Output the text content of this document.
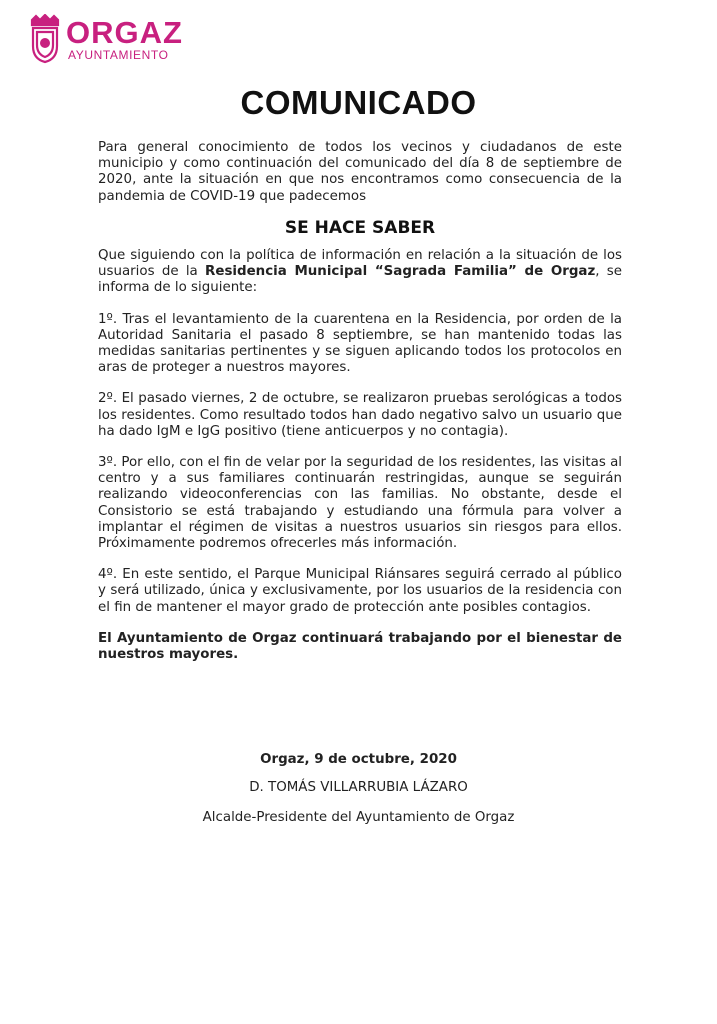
ORGAZ
AYUNTAMIENTO
COMUNICADO

Para general conocimiento de todos los vecinos y ciudadanos de este municipio y como continuación del comunicado del día 8 de septiembre de 2020, ante la situación en que nos encontramos como consecuencia de la pandemia de COVID-19 que padecemos

SE HACE SABER

Que siguiendo con la política de información en relación a la situación de los usuarios de la Residencia Municipal “Sagrada Familia” de Orgaz, se informa de lo siguiente:

1º. Tras el levantamiento de la cuarentena en la Residencia, por orden de la Autoridad Sanitaria el pasado 8 septiembre, se han mantenido todas las medidas sanitarias pertinentes y se siguen aplicando todos los protocolos en aras de proteger a nuestros mayores.

2º. El pasado viernes, 2 de octubre, se realizaron pruebas serológicas a todos los residentes. Como resultado todos han dado negativo salvo un usuario que ha dado IgM e IgG positivo (tiene anticuerpos y no contagia).

3º. Por ello, con el fin de velar por la seguridad de los residentes, las visitas al centro y a sus familiares continuarán restringidas, aunque se seguirán realizando videoconferencias con las familias. No obstante, desde el Consistorio se está trabajando y estudiando una fórmula para volver a implantar el régimen de visitas a nuestros usuarios sin riesgos para ellos. Próximamente podremos ofrecerles más información.

4º. En este sentido, el Parque Municipal Riánsares seguirá cerrado al público y será utilizado, única y exclusivamente, por los usuarios de la residencia con el fin de mantener el mayor grado de protección ante posibles contagios.

El Ayuntamiento de Orgaz continuará trabajando por el bienestar de nuestros mayores.

Orgaz, 9 de octubre, 2020
D. TOMÁS VILLARRUBIA LÁZARO
Alcalde-Presidente del Ayuntamiento de Orgaz
